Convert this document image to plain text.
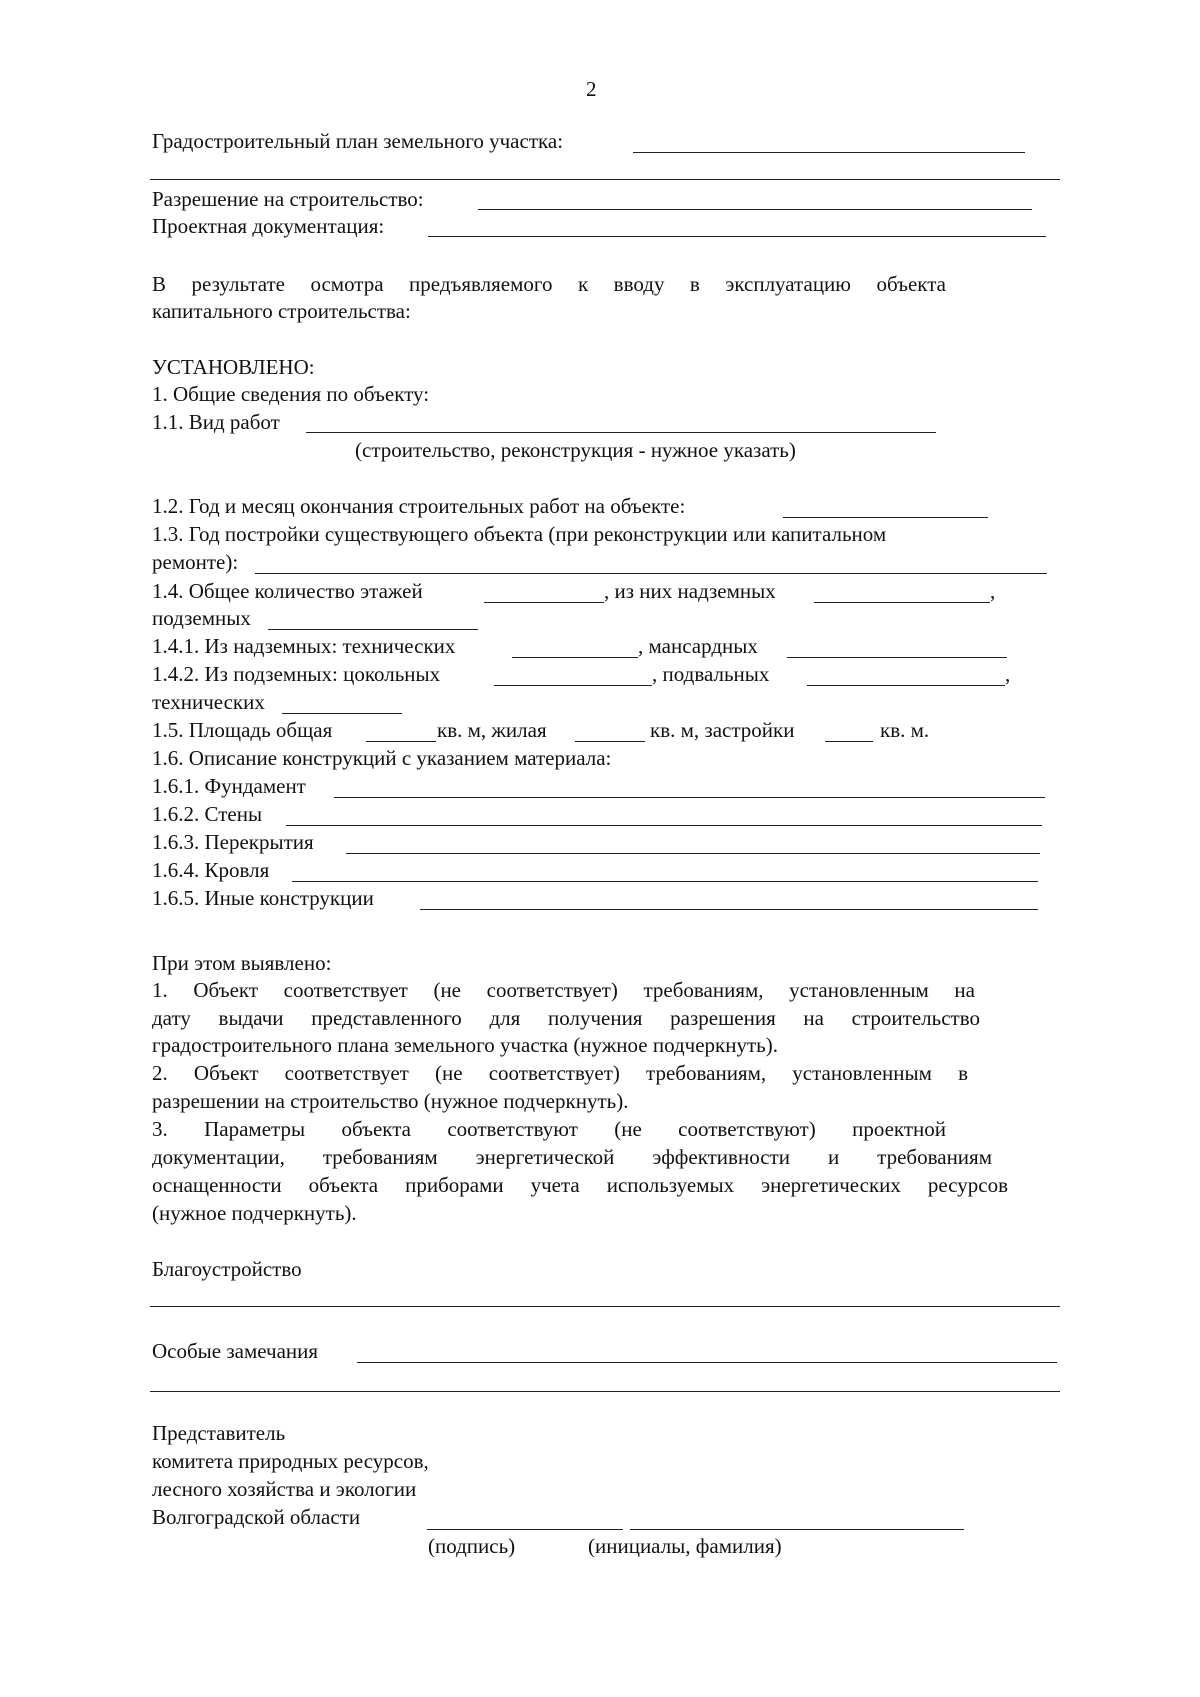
2
Градостроительный план земельного участка:
Разрешение на строительство:
Проектная документация:
В результате осмотра предъявляемого к вводу в эксплуатацию объекта
капитального строительства:
УСТАНОВЛЕНО:
1. Общие сведения по объекту:
1.1. Вид работ
(строительство, реконструкция - нужное указать)
1.2. Год и месяц окончания строительных работ на объекте:
1.3. Год постройки существующего объекта (при реконструкции или капитальном
ремонте):
1.4. Общее количество этажей	, из них надземных	,
подземных
1.4.1. Из надземных: технических	, мансардных
1.4.2. Из подземных: цокольных	, подвальных	,
технических
1.5. Площадь общая	кв. м, жилая	кв. м, застройки	кв. м.
1.6. Описание конструкций с указанием материала:
1.6.1. Фундамент
1.6.2. Стены
1.6.3. Перекрытия
1.6.4. Кровля
1.6.5. Иные конструкции
При этом выявлено:
1. Объект соответствует (не соответствует) требованиям, установленным на
дату выдачи представленного для получения разрешения на строительство
градостроительного плана земельного участка (нужное подчеркнуть).
2. Объект соответствует (не соответствует) требованиям, установленным в
разрешении на строительство (нужное подчеркнуть).
3. Параметры объекта соответствуют (не соответствуют) проектной
документации, требованиям энергетической эффективности и требованиям
оснащенности объекта приборами учета используемых энергетических ресурсов
(нужное подчеркнуть).
Благоустройство
Особые замечания
Представитель
комитета природных ресурсов,
лесного хозяйства и экологии
Волгоградской области
(подпись)	(инициалы, фамилия)
